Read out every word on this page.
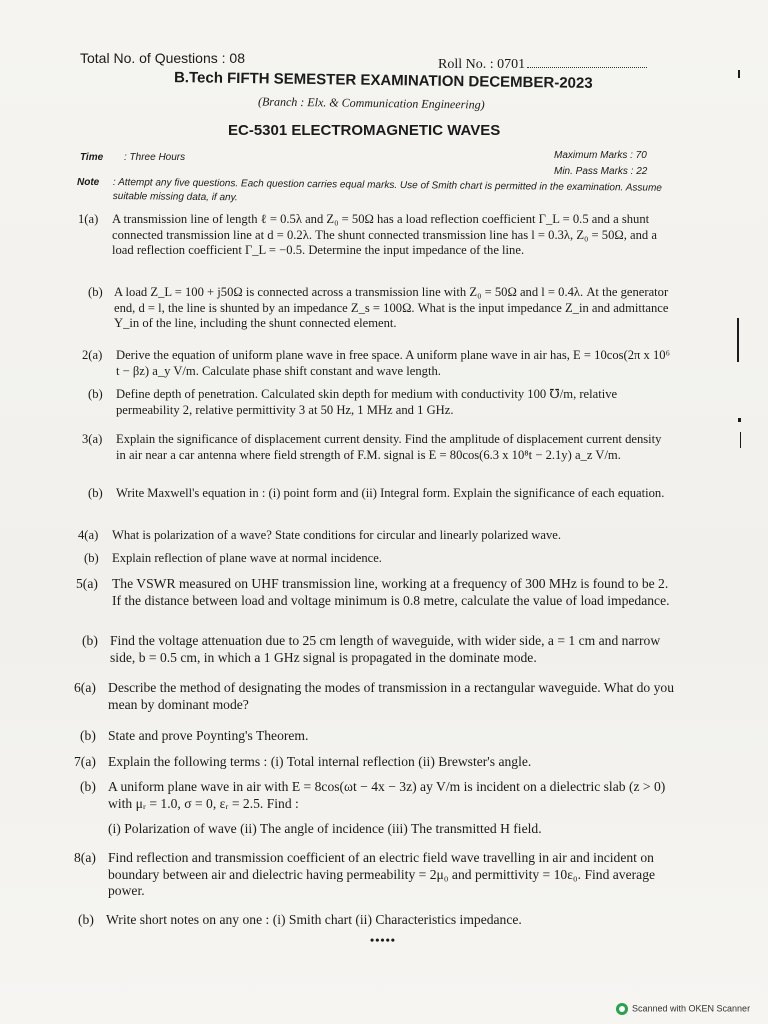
Total No. of Questions : 08	Roll No. : 0701
B.Tech FIFTH SEMESTER EXAMINATION DECEMBER-2023
(Branch : Elx. & Communication Engineering)
EC-5301 ELECTROMAGNETIC WAVES
Time : Three Hours	Maximum Marks : 70
Min. Pass Marks : 22
Note : Attempt any five questions. Each question carries equal marks. Use of Smith chart is permitted in the examination. Assume suitable missing data, if any.
1(a) A transmission line of length ℓ = 0.5λ and Z₀ = 50Ω has a load reflection coefficient Γ_L = 0.5 and a shunt connected transmission line at d = 0.2λ. The shunt connected transmission line has l = 0.3λ, Z₀ = 50Ω, and a load reflection coefficient Γ_L = −0.5. Determine the input impedance of the line.
(b) A load Z_L = 100 + j50Ω is connected across a transmission line with Z₀ = 50Ω and l = 0.4λ. At the generator end, d = l, the line is shunted by an impedance Z_s = 100Ω. What is the input impedance Z_in and admittance Y_in of the line, including the shunt connected element.
2(a) Derive the equation of uniform plane wave in free space. A uniform plane wave in air has, E = 10cos(2π x 10⁶ t − βz) a_y V/m. Calculate phase shift constant and wave length.
(b) Define depth of penetration. Calculated skin depth for medium with conductivity 100 ℧/m, relative permeability 2, relative permittivity 3 at 50 Hz, 1 MHz and 1 GHz.
3(a) Explain the significance of displacement current density. Find the amplitude of displacement current density in air near a car antenna where field strength of F.M. signal is E = 80cos(6.3 x 10⁸t − 2.1y) a_z V/m.
(b) Write Maxwell's equation in : (i) point form and (ii) Integral form. Explain the significance of each equation.
4(a) What is polarization of a wave? State conditions for circular and linearly polarized wave.
(b) Explain reflection of plane wave at normal incidence.
5(a) The VSWR measured on UHF transmission line, working at a frequency of 300 MHz is found to be 2. If the distance between load and voltage minimum is 0.8 metre, calculate the value of load impedance.
(b) Find the voltage attenuation due to 25 cm length of waveguide, with wider side, a = 1 cm and narrow side, b = 0.5 cm, in which a 1 GHz signal is propagated in the dominate mode.
6(a) Describe the method of designating the modes of transmission in a rectangular waveguide. What do you mean by dominant mode?
(b) State and prove Poynting's Theorem.
7(a) Explain the following terms : (i) Total internal reflection (ii) Brewster's angle.
(b) A uniform plane wave in air with E = 8cos(ωt − 4x − 3z) ay V/m is incident on a dielectric slab (z > 0) with μᵣ = 1.0, σ = 0, εᵣ = 2.5. Find :
(i) Polarization of wave (ii) The angle of incidence (iii) The transmitted H field.
8(a) Find reflection and transmission coefficient of an electric field wave travelling in air and incident on boundary between air and dielectric having permeability = 2μ₀ and permittivity = 10ε₀. Find average power.
(b) Write short notes on any one : (i) Smith chart (ii) Characteristics impedance.
•••••
Scanned with OKEN Scanner
